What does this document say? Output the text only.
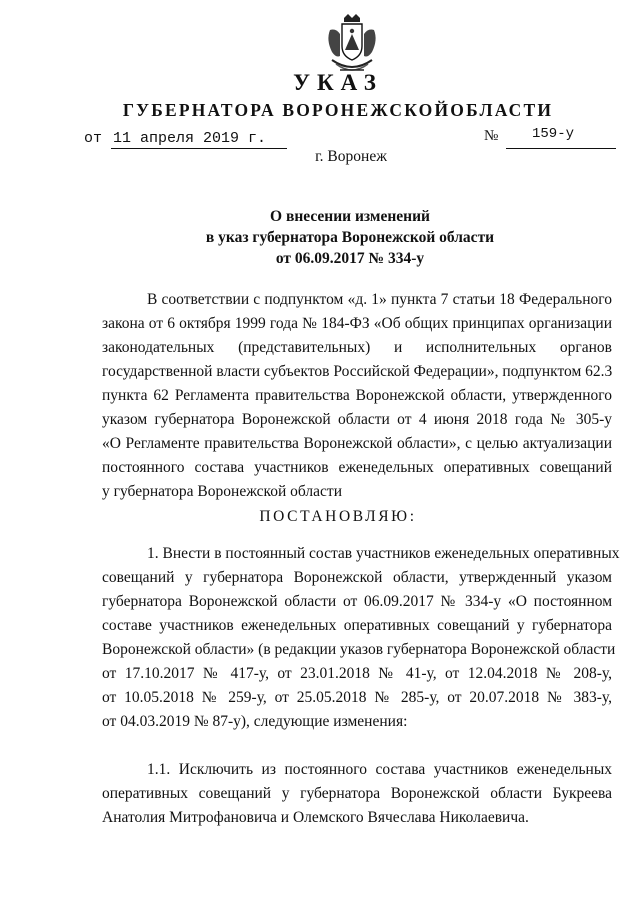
УКАЗ
ГУБЕРНАТОРА ВОРОНЕЖСКОЙОБЛАСТИ
от 11 апреля 2019 г.	№	159-у
г. Воронеж
О внесении изменений
в указ губернатора Воронежской области
от 06.09.2017 № 334-у
В соответствии с подпунктом «д. 1» пункта 7 статьи 18 Федерального
закона от 6 октября 1999 года № 184-ФЗ «Об общих принципах организации
законодательных (представительных) и исполнительных органов
государственной власти субъектов Российской Федерации», подпунктом 62.3
пункта 62 Регламента правительства Воронежской области, утвержденного
указом губернатора Воронежской области от 4 июня 2018 года № 305-у
«О Регламенте правительства Воронежской области», с целью актуализации
постоянного состава участников еженедельных оперативных совещаний
у губернатора Воронежской области
ПОСТАНОВЛЯЮ:
1. Внести в постоянный состав участников еженедельных оперативных
совещаний у губернатора Воронежской области, утвержденный указом
губернатора Воронежской области от 06.09.2017 № 334-у «О постоянном
составе участников еженедельных оперативных совещаний у губернатора
Воронежской области» (в редакции указов губернатора Воронежской области
от 17.10.2017 № 417-у, от 23.01.2018 № 41-у, от 12.04.2018 № 208-у,
от 10.05.2018 № 259-у, от 25.05.2018 № 285-у, от 20.07.2018 № 383-у,
от 04.03.2019 № 87-у), следующие изменения:
1.1. Исключить из постоянного состава участников еженедельных
оперативных совещаний у губернатора Воронежской области Букреева
Анатолия Митрофановича и Олемского Вячеслава Николаевича.
